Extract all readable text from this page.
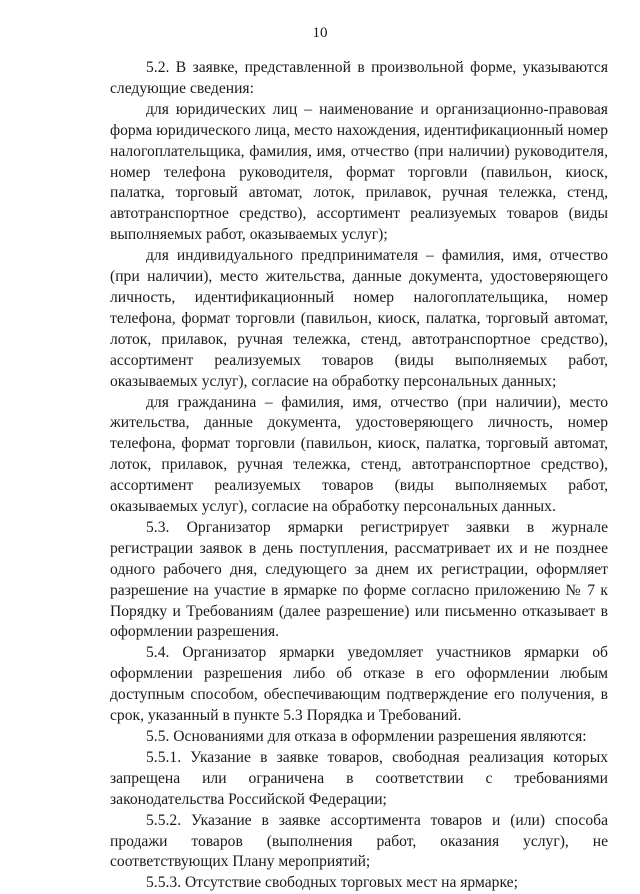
10

5.2. В заявке, представленной в произвольной форме, указываются следующие сведения:

для юридических лиц – наименование и организационно-правовая форма юридического лица, место нахождения, идентификационный номер налогоплательщика, фамилия, имя, отчество (при наличии) руководителя, номер телефона руководителя, формат торговли (павильон, киоск, палатка, торговый автомат, лоток, прилавок, ручная тележка, стенд, автотранспортное средство), ассортимент реализуемых товаров (виды выполняемых работ, оказываемых услуг);

для индивидуального предпринимателя – фамилия, имя, отчество (при наличии), место жительства, данные документа, удостоверяющего личность, идентификационный номер налогоплательщика, номер телефона, формат торговли (павильон, киоск, палатка, торговый автомат, лоток, прилавок, ручная тележка, стенд, автотранспортное средство), ассортимент реализуемых товаров (виды выполняемых работ, оказываемых услуг), согласие на обработку персональных данных;

для гражданина – фамилия, имя, отчество (при наличии), место жительства, данные документа, удостоверяющего личность, номер телефона, формат торговли (павильон, киоск, палатка, торговый автомат, лоток, прилавок, ручная тележка, стенд, автотранспортное средство), ассортимент реализуемых товаров (виды выполняемых работ, оказываемых услуг), согласие на обработку персональных данных.

5.3. Организатор ярмарки регистрирует заявки в журнале регистрации заявок в день поступления, рассматривает их и не позднее одного рабочего дня, следующего за днем их регистрации, оформляет разрешение на участие в ярмарке по форме согласно приложению № 7 к Порядку и Требованиям (далее разрешение) или письменно отказывает в оформлении разрешения.

5.4. Организатор ярмарки уведомляет участников ярмарки об оформлении разрешения либо об отказе в его оформлении любым доступным способом, обеспечивающим подтверждение его получения, в срок, указанный в пункте 5.3 Порядка и Требований.

5.5. Основаниями для отказа в оформлении разрешения являются:

5.5.1. Указание в заявке товаров, свободная реализация которых запрещена или ограничена в соответствии с требованиями законодательства Российской Федерации;

5.5.2. Указание в заявке ассортимента товаров и (или) способа продажи товаров (выполнения работ, оказания услуг), не соответствующих Плану мероприятий;

5.5.3. Отсутствие свободных торговых мест на ярмарке;
